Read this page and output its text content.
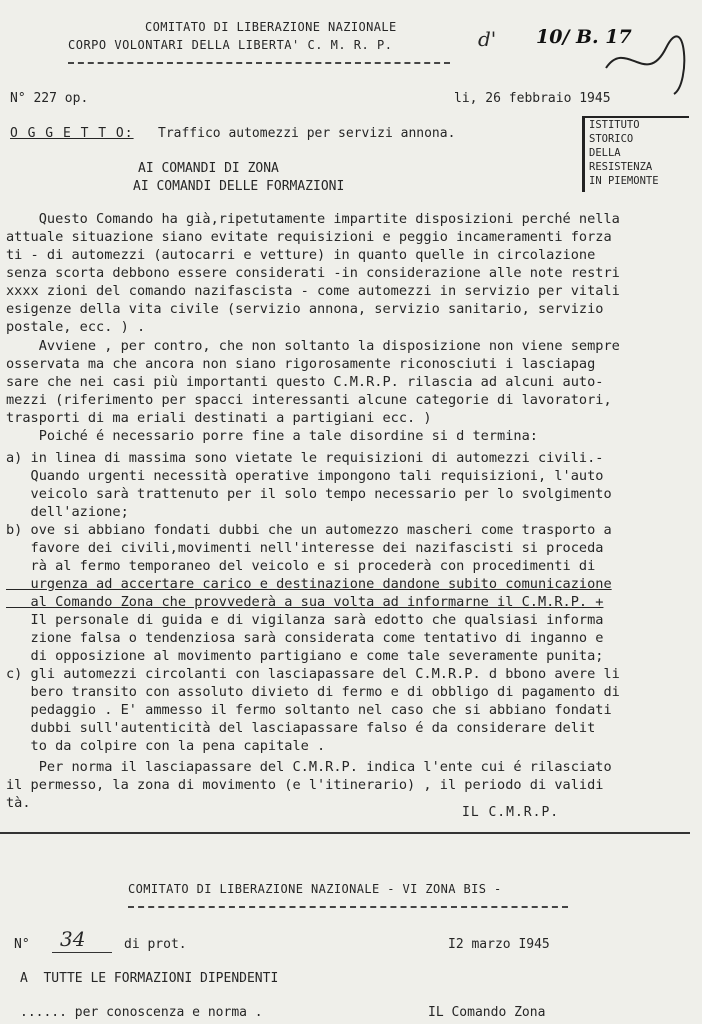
COMITATO DI LIBERAZIONE NAZIONALE
CORPO VOLONTARI DELLA LIBERTA' C. M. R. P.	d' 10/ B. 17
N° 227 op.	li, 26 febbraio 1945
O G G E T T O: Traffico automezzi per servizi annona.
AI COMANDI DI ZONA
AI COMANDI DELLE FORMAZIONI
ISTITUTO
STORICO
DELLA
RESISTENZA
IN PIEMONTE
Questo Comando ha già,ripetutamente impartite disposizioni perché nella
attuale situazione siano evitate requisizioni e peggio incameramenti forza
ti - di automezzi (autocarri e vetture) in quanto quelle in circolazione
senza scorta debbono essere considerati -in considerazione alle note restri
xxxx zioni del comando nazifascista - come automezzi in servizio per vitali
esigenze della vita civile (servizio annona, servizio sanitario, servizio
postale, ecc. ) .
Avviene , per contro, che non soltanto la disposizione non viene sempre
osservata ma che ancora non siano rigorosamente riconosciuti i lasciapag
sare che nei casi più importanti questo C.M.R.P. rilascia ad alcuni auto-
mezzi (riferimento per spacci interessanti alcune categorie di lavoratori,
trasporti di ma eriali destinati a partigiani ecc. )
Poiché é necessario porre fine a tale disordine si d termina:
a) in linea di massima sono vietate le requisizioni di automezzi civili.-
Quando urgenti necessità operative impongono tali requisizioni, l'auto
veicolo sarà trattenuto per il solo tempo necessario per lo svolgimento
dell'azione;
b) ove si abbiano fondati dubbi che un automezzo mascheri come trasporto a
favore dei civili,movimenti nell'interesse dei nazifascisti si proceda
rà al fermo temporaneo del veicolo e si procederà con procedimenti di
urgenza ad accertare carico e destinazione dandone subito comunicazione
al Comando Zona che provvederà a sua volta ad informarne il C.M.R.P. +
Il personale di guida e di vigilanza sarà edotto che qualsiasi informa
zione falsa o tendenziosa sarà considerata come tentativo di inganno e
di opposizione al movimento partigiano e come tale severamente punita;
c) gli automezzi circolanti con lasciapassare del C.M.R.P. d bbono avere li
bero transito con assoluto divieto di fermo e di obbligo di pagamento di
pedaggio . E' ammesso il fermo soltanto nel caso che si abbiano fondati
dubbi sull'autenticità del lasciapassare falso é da considerare delit
to da colpire con la pena capitale .
Per norma il lasciapassare del C.M.R.P. indica l'ente cui é rilasciato
il permesso, la zona di movimento (e l'itinerario) , il periodo di validi
tà.
IL C.M.R.P.
COMITATO DI LIBERAZIONE NAZIONALE - VI ZONA BIS -
N° 34	di prot.	I2 marzo I945
A  TUTTE LE FORMAZIONI DIPENDENTI
...... per conoscenza e norma .	IL Comando Zona
